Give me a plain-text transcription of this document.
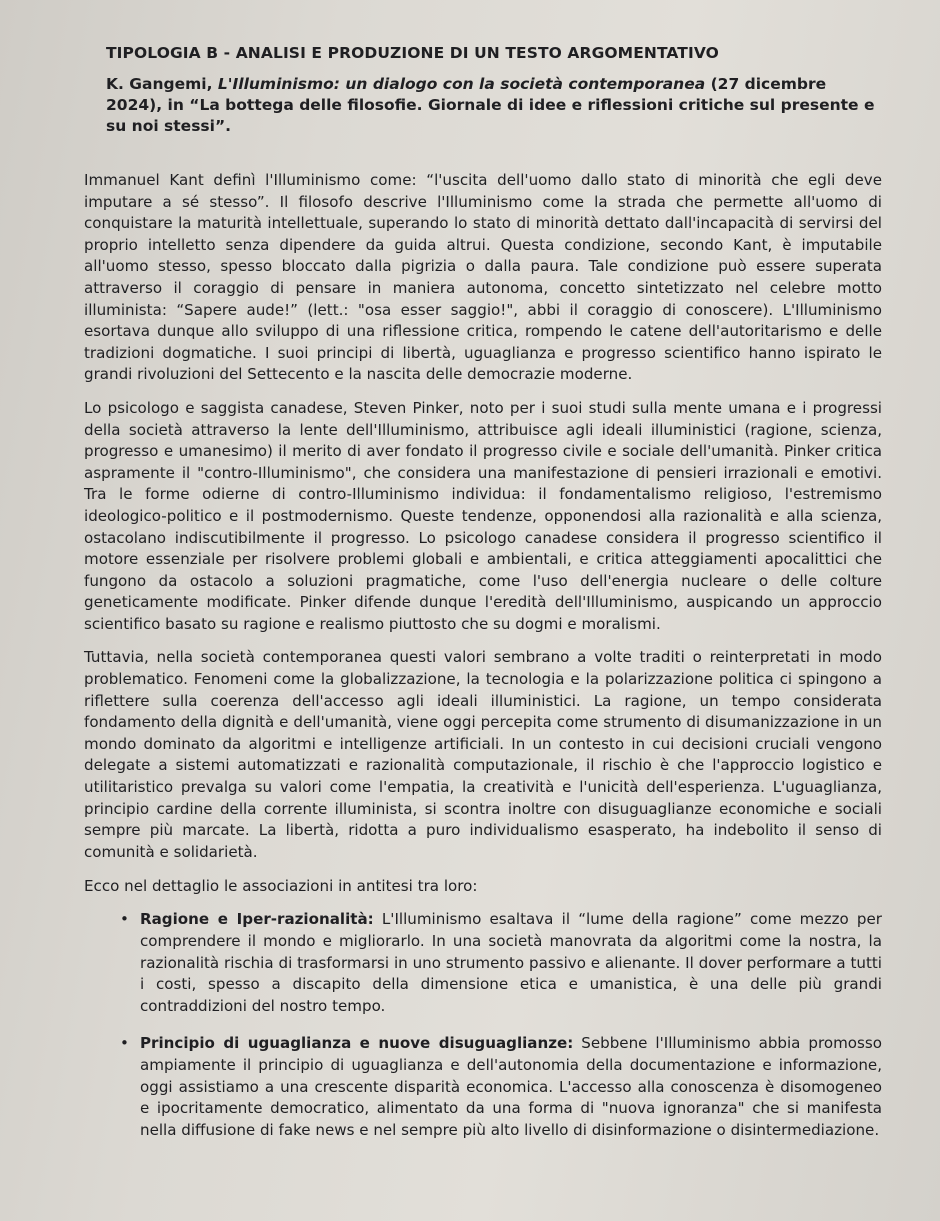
TIPOLOGIA B - ANALISI E PRODUZIONE DI UN TESTO ARGOMENTATIVO
K. Gangemi, L'Illuminismo: un dialogo con la società contemporanea (27 dicembre 2024), in “La bottega delle filosofie. Giornale di idee e riflessioni critiche sul presente e su noi stessi”.

Immanuel Kant definì l'Illuminismo come: “l'uscita dell'uomo dallo stato di minorità che egli deve imputare a sé stesso”. Il filosofo descrive l'Illuminismo come la strada che permette all'uomo di conquistare la maturità intellettuale, superando lo stato di minorità dettato dall'incapacità di servirsi del proprio intelletto senza dipendere da guida altrui. Questa condizione, secondo Kant, è imputabile all'uomo stesso, spesso bloccato dalla pigrizia o dalla paura. Tale condizione può essere superata attraverso il coraggio di pensare in maniera autonoma, concetto sintetizzato nel celebre motto illuminista: “Sapere aude!” (lett.: "osa esser saggio!", abbi il coraggio di conoscere). L'Illuminismo esortava dunque allo sviluppo di una riflessione critica, rompendo le catene dell'autoritarismo e delle tradizioni dogmatiche. I suoi principi di libertà, uguaglianza e progresso scientifico hanno ispirato le grandi rivoluzioni del Settecento e la nascita delle democrazie moderne.

Lo psicologo e saggista canadese, Steven Pinker, noto per i suoi studi sulla mente umana e i progressi della società attraverso la lente dell'Illuminismo, attribuisce agli ideali illuministici (ragione, scienza, progresso e umanesimo) il merito di aver fondato il progresso civile e sociale dell'umanità. Pinker critica aspramente il "contro-Illuminismo", che considera una manifestazione di pensieri irrazionali e emotivi. Tra le forme odierne di contro-Illuminismo individua: il fondamentalismo religioso, l'estremismo ideologico-politico e il postmodernismo. Queste tendenze, opponendosi alla razionalità e alla scienza, ostacolano indiscutibilmente il progresso. Lo psicologo canadese considera il progresso scientifico il motore essenziale per risolvere problemi globali e ambientali, e critica atteggiamenti apocalittici che fungono da ostacolo a soluzioni pragmatiche, come l'uso dell'energia nucleare o delle colture geneticamente modificate. Pinker difende dunque l'eredità dell'Illuminismo, auspicando un approccio scientifico basato su ragione e realismo piuttosto che su dogmi e moralismi.

Tuttavia, nella società contemporanea questi valori sembrano a volte traditi o reinterpretati in modo problematico. Fenomeni come la globalizzazione, la tecnologia e la polarizzazione politica ci spingono a riflettere sulla coerenza dell'accesso agli ideali illuministici. La ragione, un tempo considerata fondamento della dignità e dell'umanità, viene oggi percepita come strumento di disumanizzazione in un mondo dominato da algoritmi e intelligenze artificiali. In un contesto in cui decisioni cruciali vengono delegate a sistemi automatizzati e razionalità computazionale, il rischio è che l'approccio logistico e utilitaristico prevalga su valori come l'empatia, la creatività e l'unicità dell'esperienza. L'uguaglianza, principio cardine della corrente illuminista, si scontra inoltre con disuguaglianze economiche e sociali sempre più marcate. La libertà, ridotta a puro individualismo esasperato, ha indebolito il senso di comunità e solidarietà.

Ecco nel dettaglio le associazioni in antitesi tra loro:

• Ragione e Iper-razionalità: L'Illuminismo esaltava il “lume della ragione” come mezzo per comprendere il mondo e migliorarlo. In una società manovrata da algoritmi come la nostra, la razionalità rischia di trasformarsi in uno strumento passivo e alienante. Il dover performare a tutti i costi, spesso a discapito della dimensione etica e umanistica, è una delle più grandi contraddizioni del nostro tempo.
• Principio di uguaglianza e nuove disuguaglianze: Sebbene l'Illuminismo abbia promosso ampiamente il principio di uguaglianza e dell'autonomia della documentazione e informazione, oggi assistiamo a una crescente disparità economica. L'accesso alla conoscenza è disomogeneo e ipocritamente democratico, alimentato da una forma di "nuova ignoranza" che si manifesta nella diffusione di fake news e nel sempre più alto livello di disinformazione o disintermediazione.
